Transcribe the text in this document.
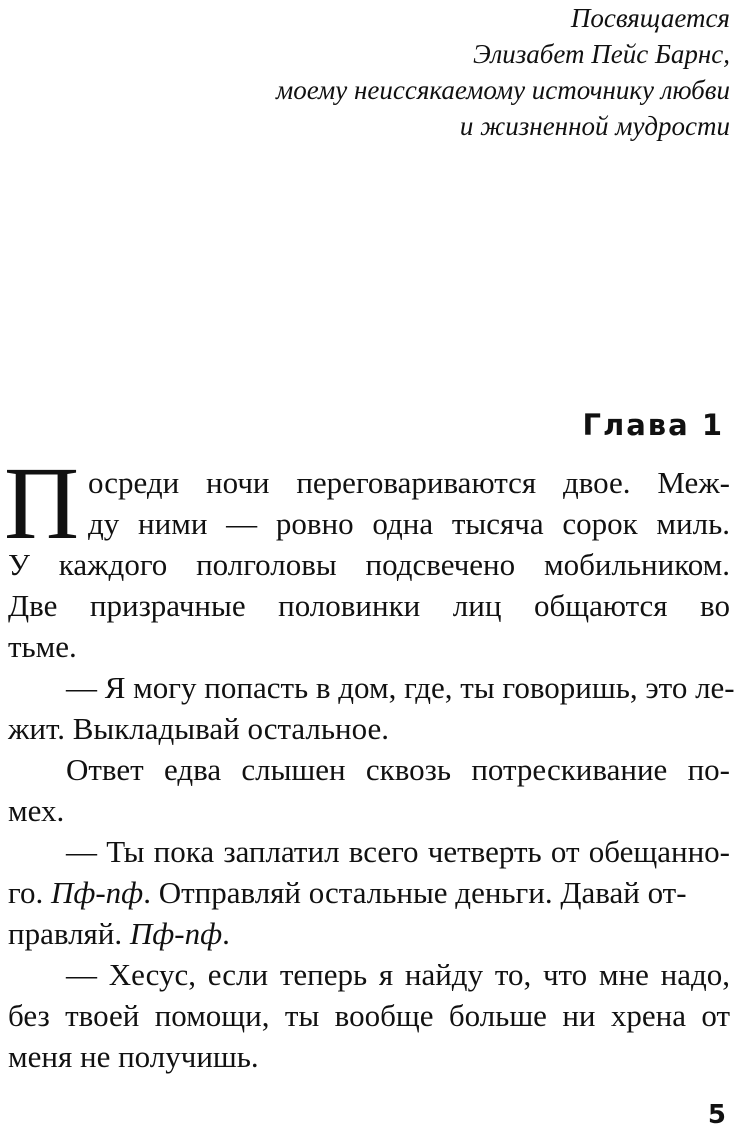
Посвящается
Элизабет Пейс Барнс,
моему неиссякаемому источнику любви
и жизненной мудрости
Глава 1
П осреди ночи переговариваются двое. Меж-
ду ними — ровно одна тысяча сорок миль.
У каждого полголовы подсвечено мобильником.
Две призрачные половинки лиц общаются во
тьме.
— Я могу попасть в дом, где, ты говоришь, это ле-
жит. Выкладывай остальное.
Ответ едва слышен сквозь потрескивание по-
мех.
— Ты пока заплатил всего четверть от обещанно-
го. Пф-пф. Отправляй остальные деньги. Давай от-
правляй. Пф-пф.
— Хесус, если теперь я найду то, что мне надо,
без твоей помощи, ты вообще больше ни хрена от
меня не получишь.
5
